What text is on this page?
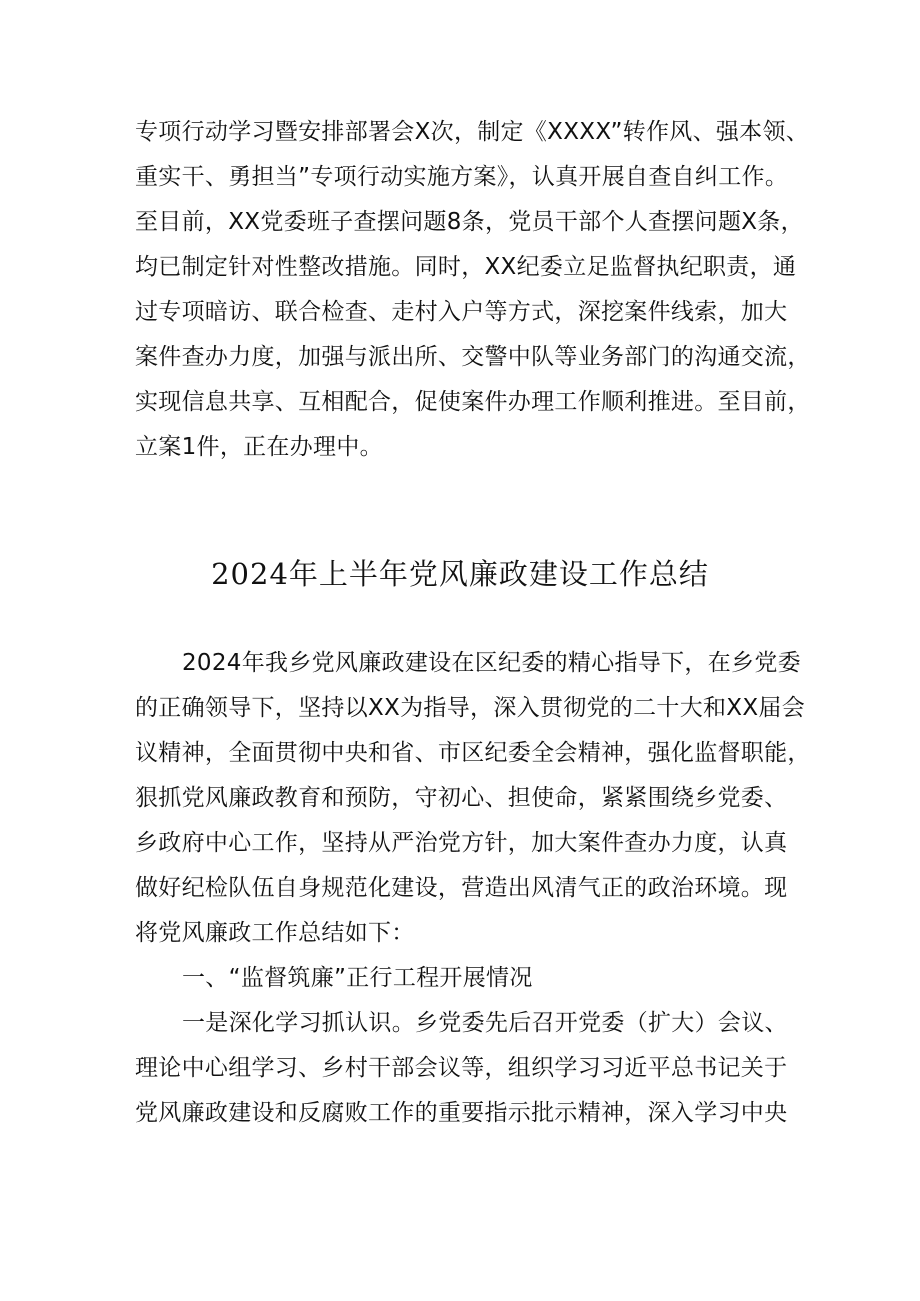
专项行动学习暨安排部署会X次，制定《XXXX”转作风、强本领、
重实干、勇担当”专项行动实施方案》，认真开展自查自纠工作。
至目前，XX党委班子查摆问题8条，党员干部个人查摆问题X条，
均已制定针对性整改措施。同时，XX纪委立足监督执纪职责，通
过专项暗访、联合检查、走村入户等方式，深挖案件线索，加大
案件查办力度，加强与派出所、交警中队等业务部门的沟通交流，
实现信息共享、互相配合，促使案件办理工作顺利推进。至目前，
立案1件，正在办理中。
2024年上半年党风廉政建设工作总结
2024年我乡党风廉政建设在区纪委的精心指导下，在乡党委
的正确领导下，坚持以XX为指导，深入贯彻党的二十大和XX届会
议精神，全面贯彻中央和省、市区纪委全会精神，强化监督职能，
狠抓党风廉政教育和预防，守初心、担使命，紧紧围绕乡党委、
乡政府中心工作，坚持从严治党方针，加大案件查办力度，认真
做好纪检队伍自身规范化建设，营造出风清气正的政治环境。现
将党风廉政工作总结如下：
一、“监督筑廉”正行工程开展情况
一是深化学习抓认识。乡党委先后召开党委（扩大）会议、
理论中心组学习、乡村干部会议等，组织学习习近平总书记关于
党风廉政建设和反腐败工作的重要指示批示精神，深入学习中央
